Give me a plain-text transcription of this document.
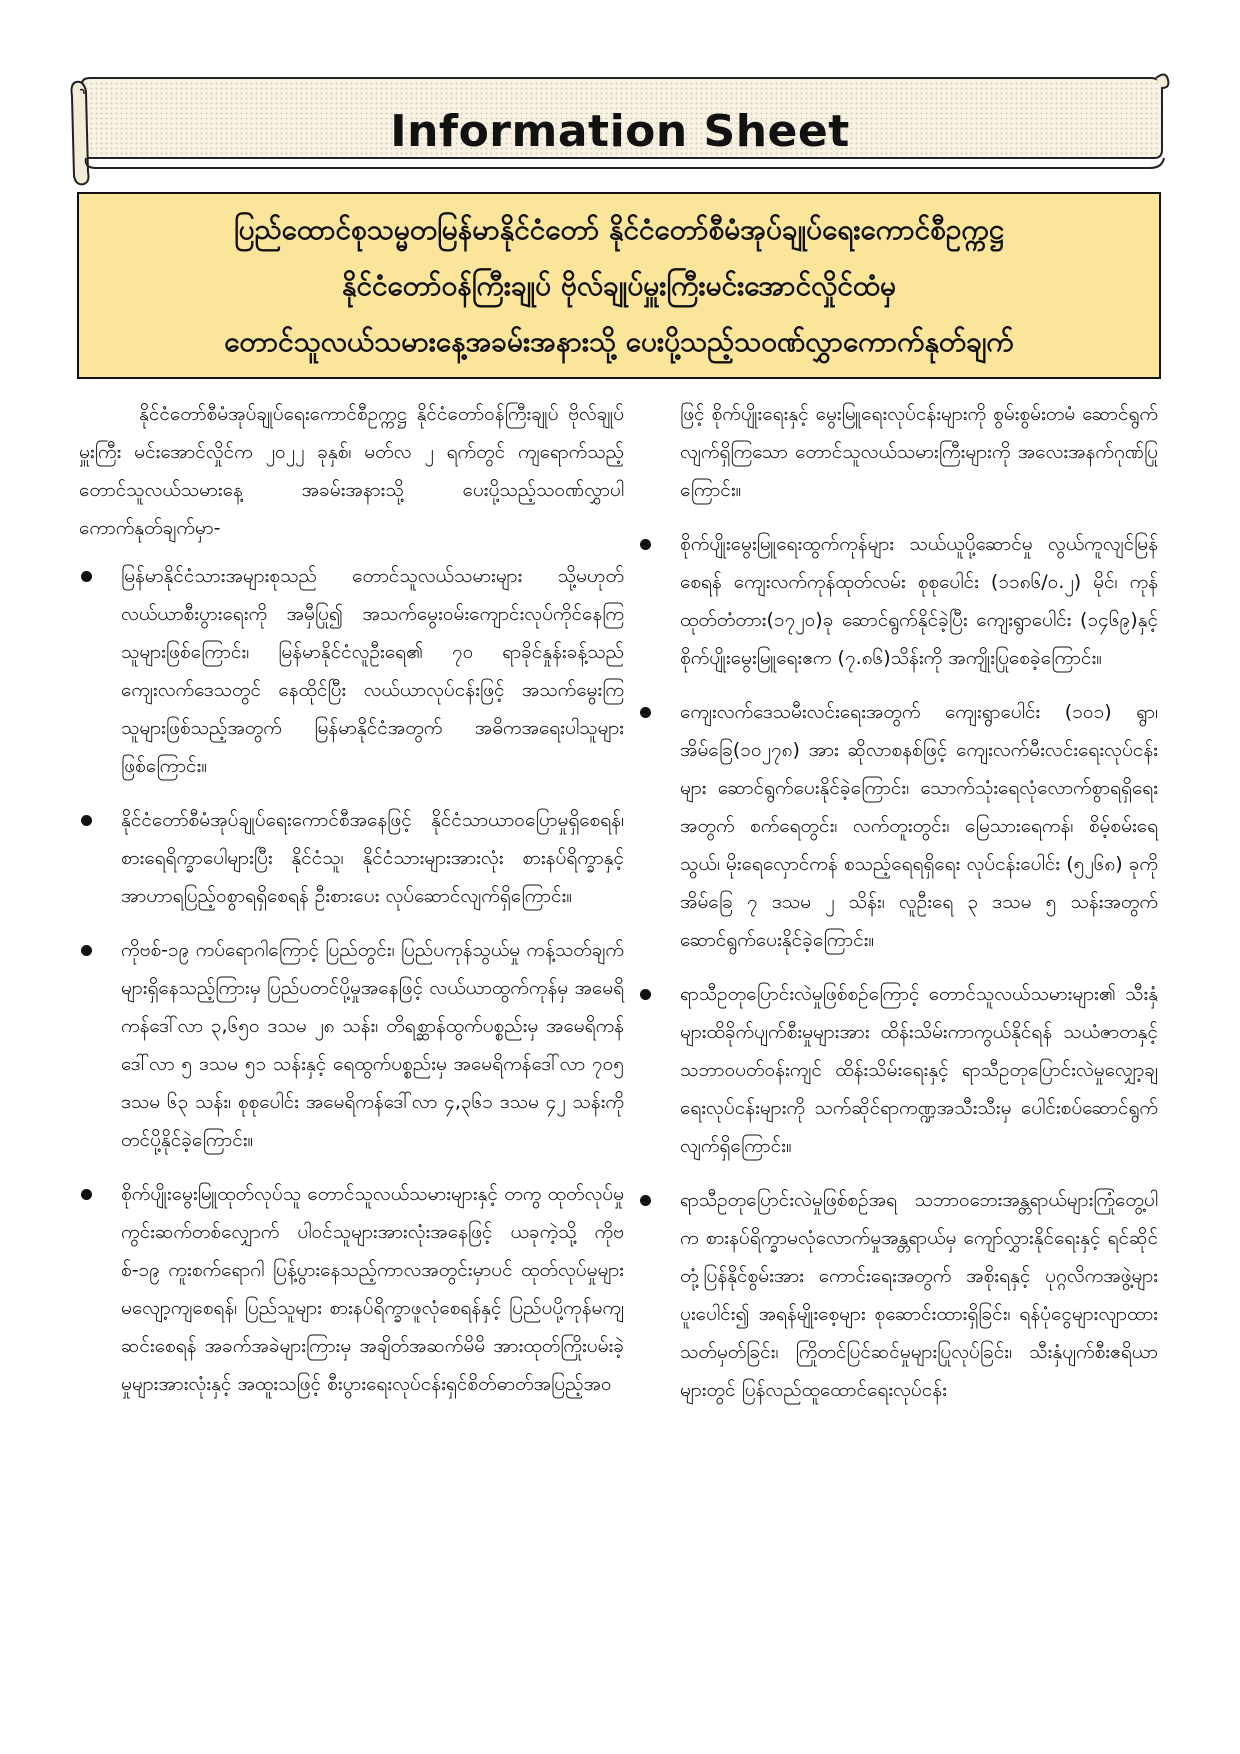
Information Sheet
ပြည်ထောင်စုသမ္မတမြန်မာနိုင်ငံတော် နိုင်ငံတော်စီမံအုပ်ချုပ်ရေးကောင်စီဥက္ကဋ္ဌ
နိုင်ငံတော်ဝန်ကြီးချုပ် ဗိုလ်ချုပ်မှူးကြီးမင်းအောင်လှိုင်ထံမှ
တောင်သူလယ်သမားနေ့အခမ်းအနားသို့ ပေးပို့သည့်သဝဏ်လွှာကောက်နုတ်ချက်

နိုင်ငံတော်စီမံအုပ်ချုပ်ရေးကောင်စီဥက္ကဋ္ဌ နိုင်ငံတော်ဝန်ကြီးချုပ် ဗိုလ်ချုပ်မှူးကြီး မင်းအောင်လှိုင်က ၂၀၂၂ ခုနှစ်၊ မတ်လ ၂ ရက်တွင် ကျရောက်သည့် တောင်သူလယ်သမားနေ့ အခမ်းအနားသို့ ပေးပို့သည့်သဝဏ်လွှာပါ ကောက်နုတ်ချက်မှာ-

မြန်မာနိုင်ငံသားအများစုသည် တောင်သူလယ်သမားများ သို့မဟုတ် လယ်ယာစီးပွားရေးကို အမှီပြု၍ အသက်မွေးဝမ်းကျောင်းလုပ်ကိုင်နေကြသူများဖြစ်ကြောင်း၊ မြန်မာနိုင်ငံလူဦးရေ၏ ၇၀ ရာခိုင်နှုန်းခန့်သည် ကျေးလက်ဒေသတွင် နေထိုင်ပြီး လယ်ယာလုပ်ငန်းဖြင့် အသက်မွေးကြသူများဖြစ်သည့်အတွက် မြန်မာနိုင်ငံအတွက် အဓိကအရေးပါသူများဖြစ်ကြောင်း။
နိုင်ငံတော်စီမံအုပ်ချုပ်ရေးကောင်စီအနေဖြင့် နိုင်ငံသာယာဝပြောမှုရှိစေရန်၊ စားရေရိက္ခာပေါများပြီး နိုင်ငံသူ၊ နိုင်ငံသားများအားလုံး စားနပ်ရိက္ခာနှင့် အာဟာရပြည့်ဝစွာရရှိစေရန် ဦးစားပေး လုပ်ဆောင်လျက်ရှိကြောင်း။
ကိုဗစ်-၁၉ ကပ်ရောဂါကြောင့် ပြည်တွင်း၊ ပြည်ပကုန်သွယ်မှု ကန့်သတ်ချက်များရှိနေသည့်ကြားမှ ပြည်ပတင်ပို့မှုအနေဖြင့် လယ်ယာထွက်ကုန်မှ အမေရိကန်ဒေါ်လာ ၃,၆၅၀ ဒသမ ၂၈ သန်း၊ တိရစ္ဆာန်ထွက်ပစ္စည်းမှ အမေရိကန်ဒေါ်လာ ၅ ဒသမ ၅၁ သန်းနှင့် ရေထွက်ပစ္စည်းမှ အမေရိကန်ဒေါ်လာ ၇၀၅ ဒသမ ၆၃ သန်း၊ စုစုပေါင်း အမေရိကန်ဒေါ်လာ ၄,၃၆၁ ဒသမ ၄၂ သန်းကို တင်ပို့နိုင်ခဲ့ကြောင်း။
စိုက်ပျိုးမွေးမြူထုတ်လုပ်သူ တောင်သူလယ်သမားများနှင့် တကွ ထုတ်လုပ်မှုကွင်းဆက်တစ်လျှောက် ပါဝင်သူများအားလုံးအနေဖြင့် ယခုကဲ့သို့ ကိုဗစ်-၁၉ ကူးစက်ရောဂါ ပြန့်ပွားနေသည့်ကာလအတွင်းမှာပင် ထုတ်လုပ်မှုများ မလျော့ကျစေရန်၊ ပြည်သူများ စားနပ်ရိက္ခာဖူလုံစေရန်နှင့် ပြည်ပပို့ကုန်မကျဆင်းစေရန် အခက်အခဲများကြားမှ အချိတ်အဆက်မိမိ အားထုတ်ကြိုးပမ်းခဲ့မှုများအားလုံးနှင့် အထူးသဖြင့် စီးပွားရေးလုပ်ငန်းရှင်စိတ်ဓာတ်အပြည့်အဝ

ဖြင့် စိုက်ပျိုးရေးနှင့် မွေးမြူရေးလုပ်ငန်းများကို စွမ်းစွမ်းတမံ ဆောင်ရွက်လျက်ရှိကြသော တောင်သူလယ်သမားကြီးများကို အလေးအနက်ဂုဏ်ပြုကြောင်း။

စိုက်ပျိုးမွေးမြူရေးထွက်ကုန်များ သယ်ယူပို့ဆောင်မှု လွယ်ကူလျင်မြန်စေရန် ကျေးလက်ကုန်ထုတ်လမ်း စုစုပေါင်း (၁၁၈၆/၀.၂) မိုင်၊ ကုန်ထုတ်တံတား(၁၇၂၀)ခု ဆောင်ရွက်နိုင်ခဲ့ပြီး ကျေးရွာပေါင်း (၁၄၆၉)နှင့် စိုက်ပျိုးမွေးမြူရေးဧက (၇.၈၆)သိန်းကို အကျိုးပြုစေခဲ့ကြောင်း။
ကျေးလက်ဒေသမီးလင်းရေးအတွက် ကျေးရွာပေါင်း (၁၀၁) ရွာ၊ အိမ်ခြေ(၁၀၂၇၈) အား ဆိုလာစနစ်ဖြင့် ကျေးလက်မီးလင်းရေးလုပ်ငန်းများ ဆောင်ရွက်ပေးနိုင်ခဲ့ကြောင်း၊ သောက်သုံးရေလုံလောက်စွာရရှိရေးအတွက် စက်ရေတွင်း၊ လက်တူးတွင်း၊ မြေသားရေကန်၊ စိမ့်စမ်းရေသွယ်၊ မိုးရေလှောင်ကန် စသည့်ရေရရှိရေး လုပ်ငန်းပေါင်း (၅၂၆၈) ခုကို အိမ်ခြေ ၇ ဒသမ ၂ သိန်း၊ လူဦးရေ ၃ ဒသမ ၅ သန်းအတွက် ဆောင်ရွက်ပေးနိုင်ခဲ့ကြောင်း။
ရာသီဥတုပြောင်းလဲမှုဖြစ်စဉ်ကြောင့် တောင်သူလယ်သမားများ၏ သီးနှံများထိခိုက်ပျက်စီးမှုများအား ထိန်းသိမ်းကာကွယ်နိုင်ရန် သယံဇာတနှင့် သဘာဝပတ်ဝန်းကျင် ထိန်းသိမ်းရေးနှင့် ရာသီဥတုပြောင်းလဲမှုလျှော့ချရေးလုပ်ငန်းများကို သက်ဆိုင်ရာကဏ္ဍအသီးသီးမှ ပေါင်းစပ်ဆောင်ရွက်လျက်ရှိကြောင်း။
ရာသီဥတုပြောင်းလဲမှုဖြစ်စဉ်အရ သဘာဝဘေးအန္တရာယ်များကြုံတွေ့ပါက စားနပ်ရိက္ခာမလုံလောက်မှုအန္တရာယ်မှ ကျော်လွှားနိုင်ရေးနှင့် ရင်ဆိုင်တုံ့ပြန်နိုင်စွမ်းအား ကောင်းရေးအတွက် အစိုးရနှင့် ပုဂ္ဂလိကအဖွဲ့များပူးပေါင်း၍ အရန်မျိုးစေ့များ စုဆောင်းထားရှိခြင်း၊ ရန်ပုံငွေများလျာထားသတ်မှတ်ခြင်း၊ ကြိုတင်ပြင်ဆင်မှုများပြုလုပ်ခြင်း၊ သီးနှံပျက်စီးဧရိယာများတွင် ပြန်လည်ထူထောင်ရေးလုပ်ငန်း
